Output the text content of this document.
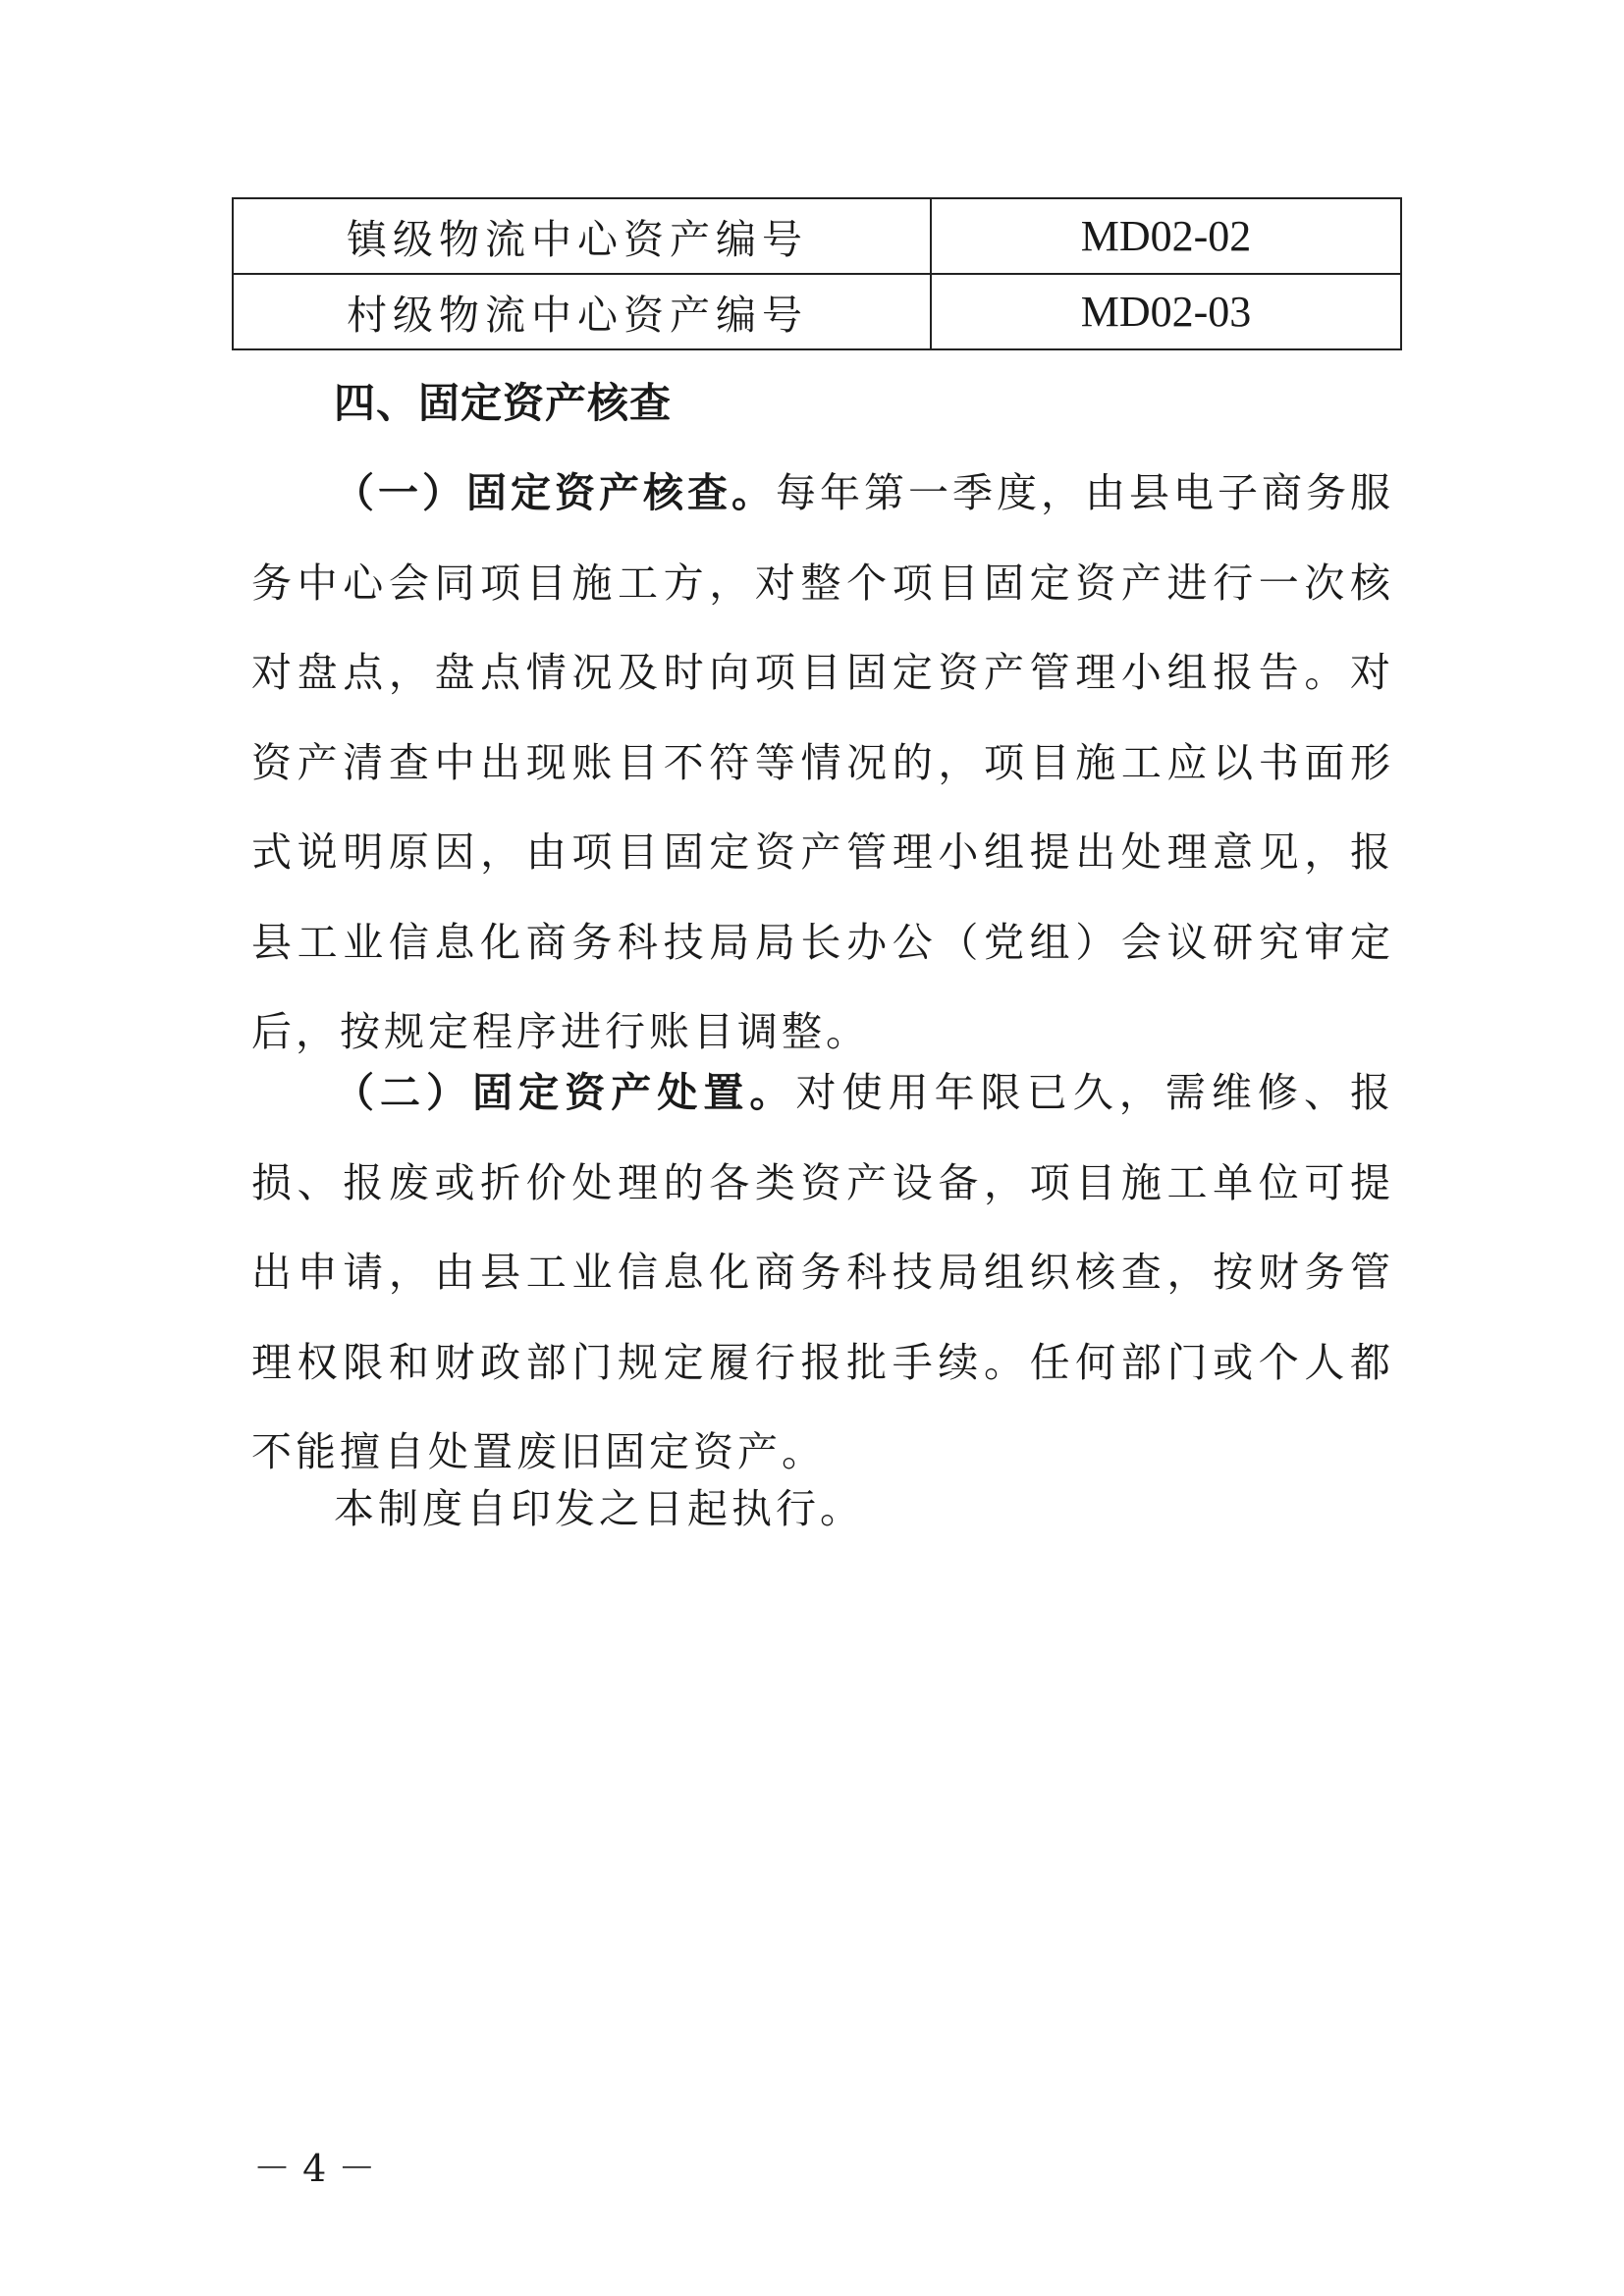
镇级物流中心资产编号	MD02-02
村级物流中心资产编号	MD02-03
四、固定资产核查

（一）固定资产核查。每年第一季度，由县电子商务服务中心会同项目施工方，对整个项目固定资产进行一次核对盘点，盘点情况及时向项目固定资产管理小组报告。对资产清查中出现账目不符等情况的，项目施工应以书面形式说明原因，由项目固定资产管理小组提出处理意见，报县工业信息化商务科技局局长办公（党组）会议研究审定后，按规定程序进行账目调整。

（二）固定资产处置。对使用年限已久，需维修、报损、报废或折价处理的各类资产设备，项目施工单位可提出申请，由县工业信息化商务科技局组织核查，按财务管理权限和财政部门规定履行报批手续。任何部门或个人都不能擅自处置废旧固定资产。

本制度自印发之日起执行。

－ 4 －
